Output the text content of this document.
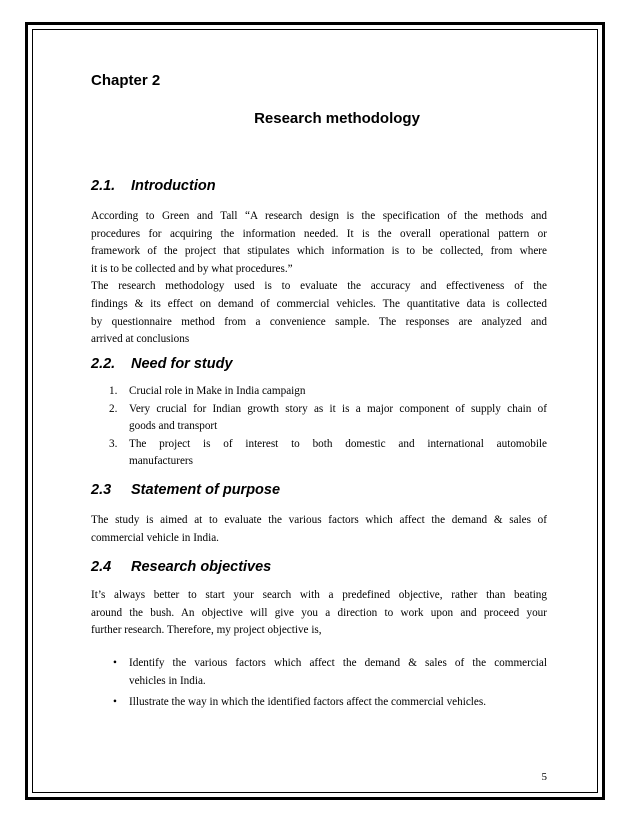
Chapter 2
Research methodology
2.1. Introduction
According to Green and Tall “A research design is the specification of the methods and
procedures for acquiring the information needed. It is the overall operational pattern or
framework of the project that stipulates which information is to be collected, from where
it is to be collected and by what procedures.”
The research methodology used is to evaluate the accuracy and effectiveness of the
findings & its effect on demand of commercial vehicles. The quantitative data is collected
by questionnaire method from a convenience sample. The responses are analyzed and
arrived at conclusions
2.2. Need for study
1. Crucial role in Make in India campaign
2. Very crucial for Indian growth story as it is a major component of supply chain of
goods and transport
3. The project is of interest to both domestic and international automobile
manufacturers
2.3 Statement of purpose
The study is aimed at to evaluate the various factors which affect the demand & sales of
commercial vehicle in India.
2.4 Research objectives
It’s always better to start your search with a predefined objective, rather than beating
around the bush. An objective will give you a direction to work upon and proceed your
further research. Therefore, my project objective is,
• Identify the various factors which affect the demand & sales of the commercial
vehicles in India.
• Illustrate the way in which the identified factors affect the commercial vehicles.
5
